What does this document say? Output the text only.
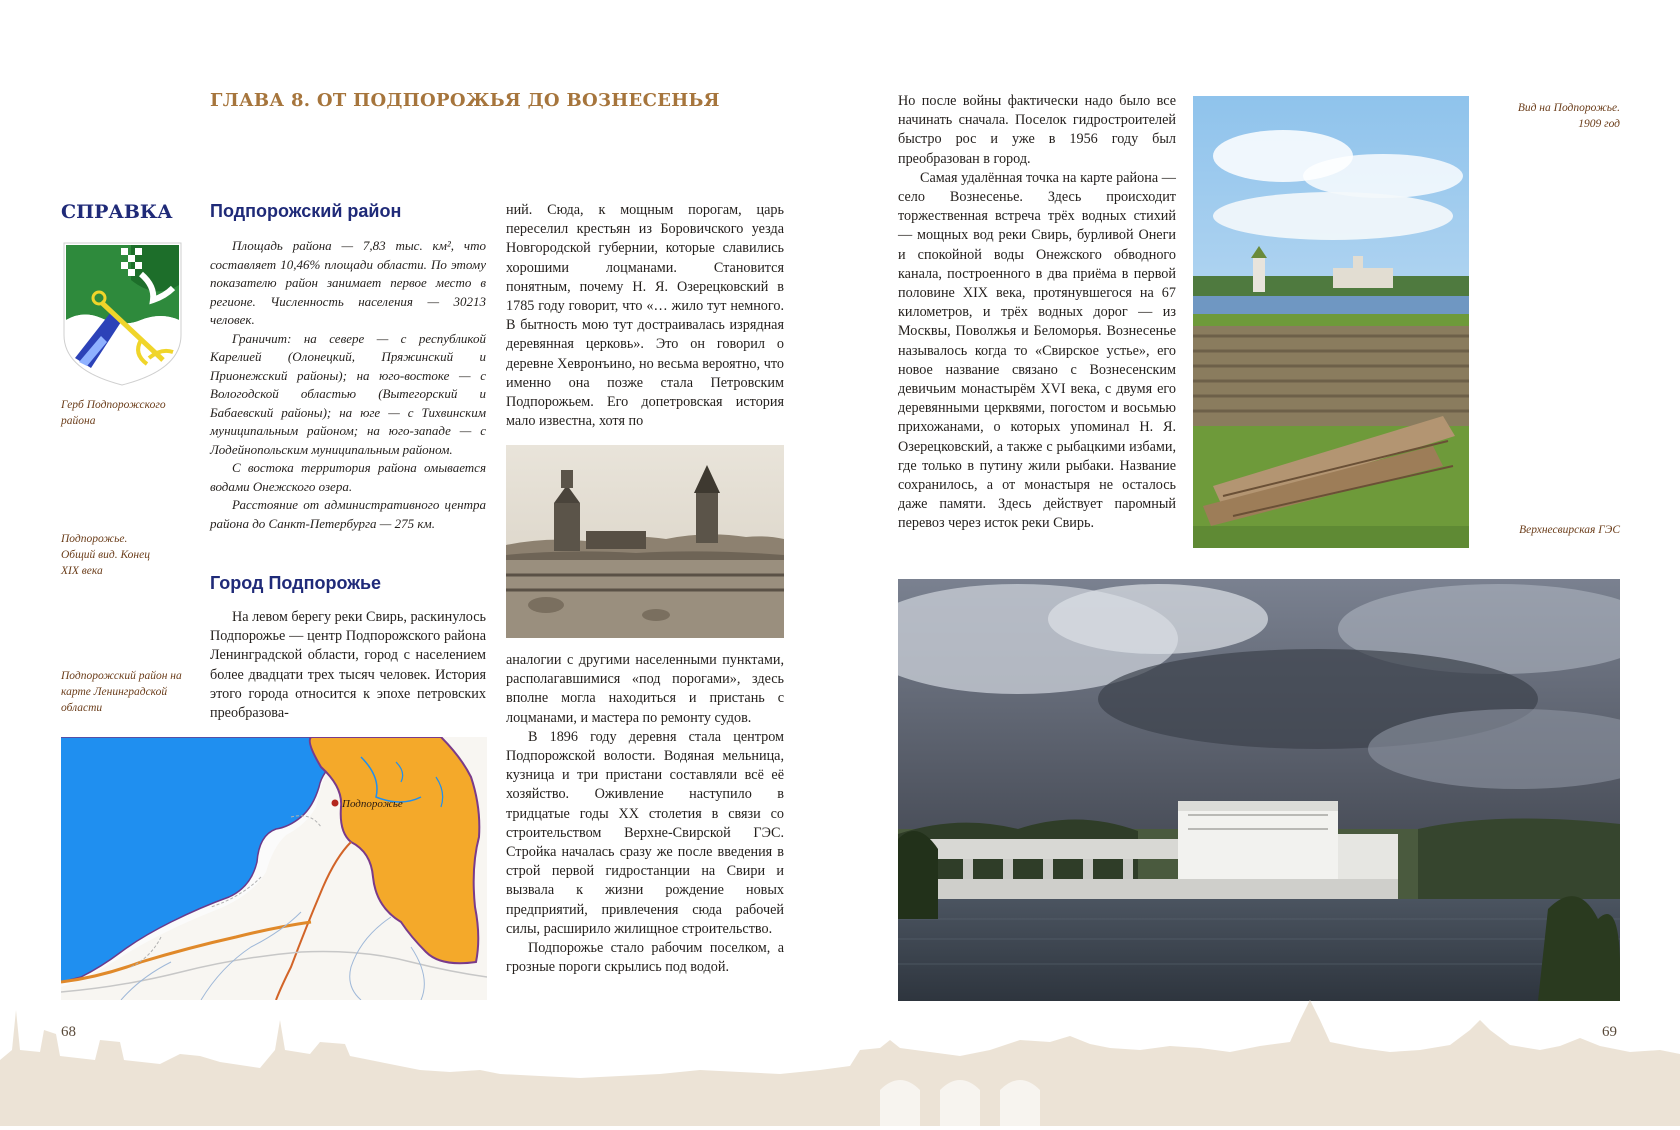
ГЛАВА 8. ОТ ПОДПОРОЖЬЯ ДО ВОЗНЕСЕНЬЯ
СПРАВКА
Герб Подпорожского района
Подпорожье. Общий вид. Конец XIX века
Подпорожский район на карте Ленинградской области
Подпорожский район

Площадь района — 7,83 тыс. км², что составляет 10,46% площади области. По этому показателю район занимает первое место в регионе. Численность населения — 30213 человек.

Граничит: на севере — с республикой Карелией (Олонецкий, Пряжинский и Прионежский районы); на юго-востоке — с Вологодской областью (Вытегорский и Бабаевский районы); на юге — с Тихвинским муниципальным районом; на юго-западе — с Лодейнопольским муниципальным районом.

С востока территория района омывается водами Онежского озера.

Расстояние от административного центра района до Санкт-Петербурга — 275 км.

Город Подпорожье

На левом берегу реки Свирь, раскинулось Подпорожье — центр Подпорожского района Ленинградской области, город с населением более двадцати трех тысяч человек. История этого города относится к эпохе петровских преобразова-

Подпорожье

ний. Сюда, к мощным порогам, царь переселил крестьян из Боровичского уезда Новгородской губернии, которые славились хорошими лоцманами. Становится понятным, почему Н. Я. Озерецковский в 1785 году говорит, что «… жило тут немного. В бытность мою тут достраивалась изрядная деревянная церковь». Это он говорил о деревне Хевронъино, но весьма вероятно, что именно она позже стала Петровским Подпорожьем. Его допетровская история мало известна, хотя по

аналогии с другими населенными пунктами, располагавшимися «под порогами», здесь вполне могла находиться и пристань с лоцманами, и мастера по ремонту судов.

В 1896 году деревня стала центром Подпорожской волости. Водяная мельница, кузница и три пристани составляли всё её хозяйство. Оживление наступило в тридцатые годы XX столетия в связи со строительством Верхне-Свирской ГЭС. Стройка началась сразу же после введения в строй первой гидростанции на Свири и вызвала к жизни рождение новых предприятий, привлечения сюда рабочей силы, расширило жилищное строительство.

Подпорожье стало рабочим поселком, а грозные пороги скрылись под водой.

68

Но после войны фактически надо было все начинать сначала. Поселок гидростроителей быстро рос и уже в 1956 году был преобразован в город.

Самая удалённая точка на карте района — село Вознесенье. Здесь происходит торжественная встреча трёх водных стихий — мощных вод реки Свирь, бурливой Онеги и спокойной воды Онежского обводного канала, построенного в два приёма в первой половине XIX века, протянувшегося на 67 километров, и трёх водных дорог — из Москвы, Поволжья и Беломорья. Вознесенье называлось когда то «Свирское устье», его новое название связано с Вознесенским девичьим монастырём XVI века, с двумя его деревянными церквями, погостом и восьмью прихожанами, о которых упоминал Н. Я. Озерецковский, а также с рыбацкими избами, где только в путину жили рыбаки. Название сохранилось, а от монастыря не осталось даже памяти. Здесь действует паромный перевоз через исток реки Свирь.

Вид на Подпорожье.
1909 год
Верхнесвирская ГЭС
69
